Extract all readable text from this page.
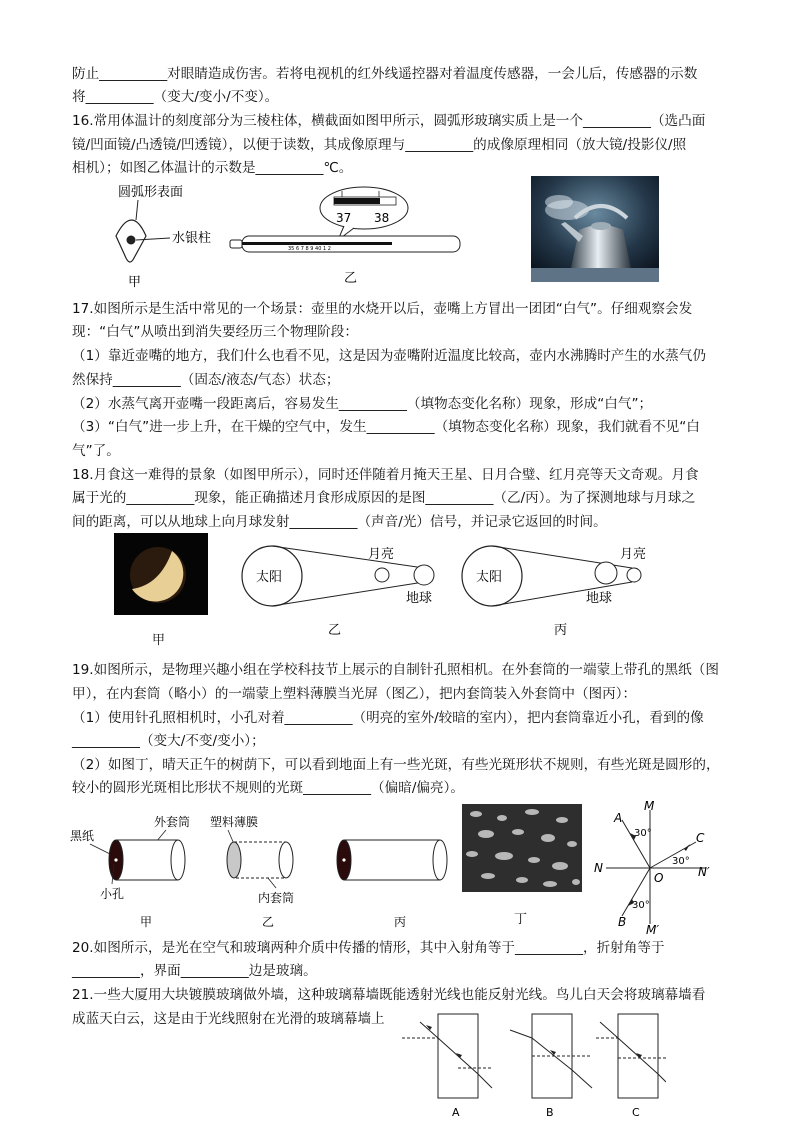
防止__________对眼睛造成伤害。若将电视机的红外线遥控器对着温度传感器，一会儿后，传感器的示数
将__________（变大/变小/不变）。
16.常用体温计的刻度部分为三棱柱体，横截面如图甲所示，圆弧形玻璃实质上是一个__________（选凸面
镜/凹面镜/凸透镜/凹透镜），以便于读数，其成像原理与__________的成像原理相同（放大镜/投影仪/照
相机）；如图乙体温计的示数是__________℃。
17.如图所示是生活中常见的一个场景：壶里的水烧开以后，壶嘴上方冒出一团团“白气”。仔细观察会发
现：“白气”从喷出到消失要经历三个物理阶段：
（1）靠近壶嘴的地方，我们什么也看不见，这是因为壶嘴附近温度比较高，壶内水沸腾时产生的水蒸气仍
然保持__________（固态/液态/气态）状态；
（2）水蒸气离开壶嘴一段距离后，容易发生__________（填物态变化名称）现象，形成“白气”；
（3）“白气”进一步上升，在干燥的空气中，发生__________（填物态变化名称）现象，我们就看不见“白
气”了。
18.月食这一难得的景象（如图甲所示），同时还伴随着月掩天王星、日月合璧、红月亮等天文奇观。月食
属于光的__________现象，能正确描述月食形成原因的是图__________（乙/丙）。为了探测地球与月球之
间的距离，可以从地球上向月球发射__________（声音/光）信号，并记录它返回的时间。
19.如图所示，是物理兴趣小组在学校科技节上展示的自制针孔照相机。在外套筒的一端蒙上带孔的黑纸（图
甲），在内套筒（略小）的一端蒙上塑料薄膜当光屏（图乙），把内套筒装入外套筒中（图丙）：
（1）使用针孔照相机时，小孔对着__________（明亮的室外/较暗的室内），把内套筒靠近小孔，看到的像
__________（变大/不变/变小）；
（2）如图丁，晴天正午的树荫下，可以看到地面上有一些光斑，有些光斑形状不规则，有些光斑是圆形的，
较小的圆形光斑相比形状不规则的光斑__________（偏暗/偏亮）。
20.如图所示，是光在空气和玻璃两种介质中传播的情形，其中入射角等于__________，折射角等于
__________，界面__________边是玻璃。
21.一些大厦用大块镀膜玻璃做外墙，这种玻璃幕墙既能透射光线也能反射光线。鸟儿白天会将玻璃幕墙看
成蓝天白云，这是由于光线照射在光滑的玻璃幕墙上
圆弧形表面
水银柱
甲
37 38
35 6 7 8 9 40 1 2
乙
甲
太阳
月亮
地球
乙
太阳
月亮
地球
丙
黑纸
外套筒
小孔
甲
塑料薄膜
内套筒
乙	丙	丁
M
M′
N	N′
O
A
B
C
30°
30°
30°
A	B	C
